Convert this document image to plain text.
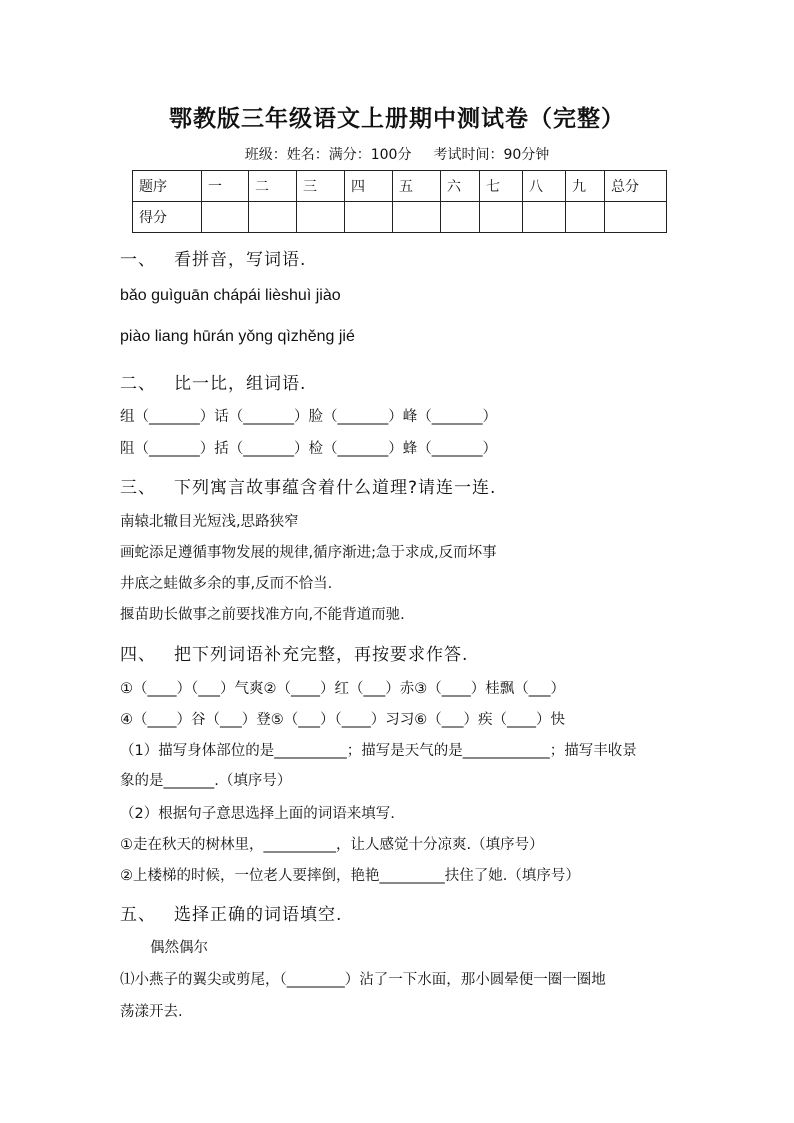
鄂教版三年级语文上册期中测试卷（完整）
班级：姓名：满分：100分 考试时间：90分钟
题序	一	二	三	四	五	六	七	八	九	总分
得分										
一、 看拼音，写词语.
bǎo guìguān chápái lièshuì jiào
piào liang hūrán yǒng qìzhěng jié
二、 比一比，组词语.
组（_______）话（_______）脸（_______）峰（_______）
阻（_______）括（_______）检（_______）蜂（_______）
三、 下列寓言故事蕴含着什么道理?请连一连.
南辕北辙目光短浅,思路狭窄
画蛇添足遵循事物发展的规律,循序渐进;急于求成,反而坏事
井底之蛙做多余的事,反而不恰当.
揠苗助长做事之前要找准方向,不能背道而驰.
四、 把下列词语补充完整，再按要求作答.
①（____）（___）气爽②（____）红（___）赤③（____）桂飘（___）
④（____）谷（___）登⑤（___）（____）习习⑥（___）疾（____）快
（1）描写身体部位的是__________；描写是天气的是____________；描写丰收景
象的是_______.（填序号）
（2）根据句子意思选择上面的词语来填写.
①走在秋天的树林里，__________，让人感觉十分凉爽.（填序号）
②上楼梯的时候，一位老人要摔倒，艳艳_________扶住了她.（填序号）
五、 选择正确的词语填空.
偶然偶尔
⑴小燕子的翼尖或剪尾，（________）沾了一下水面，那小圆晕便一圈一圈地
荡漾开去.
